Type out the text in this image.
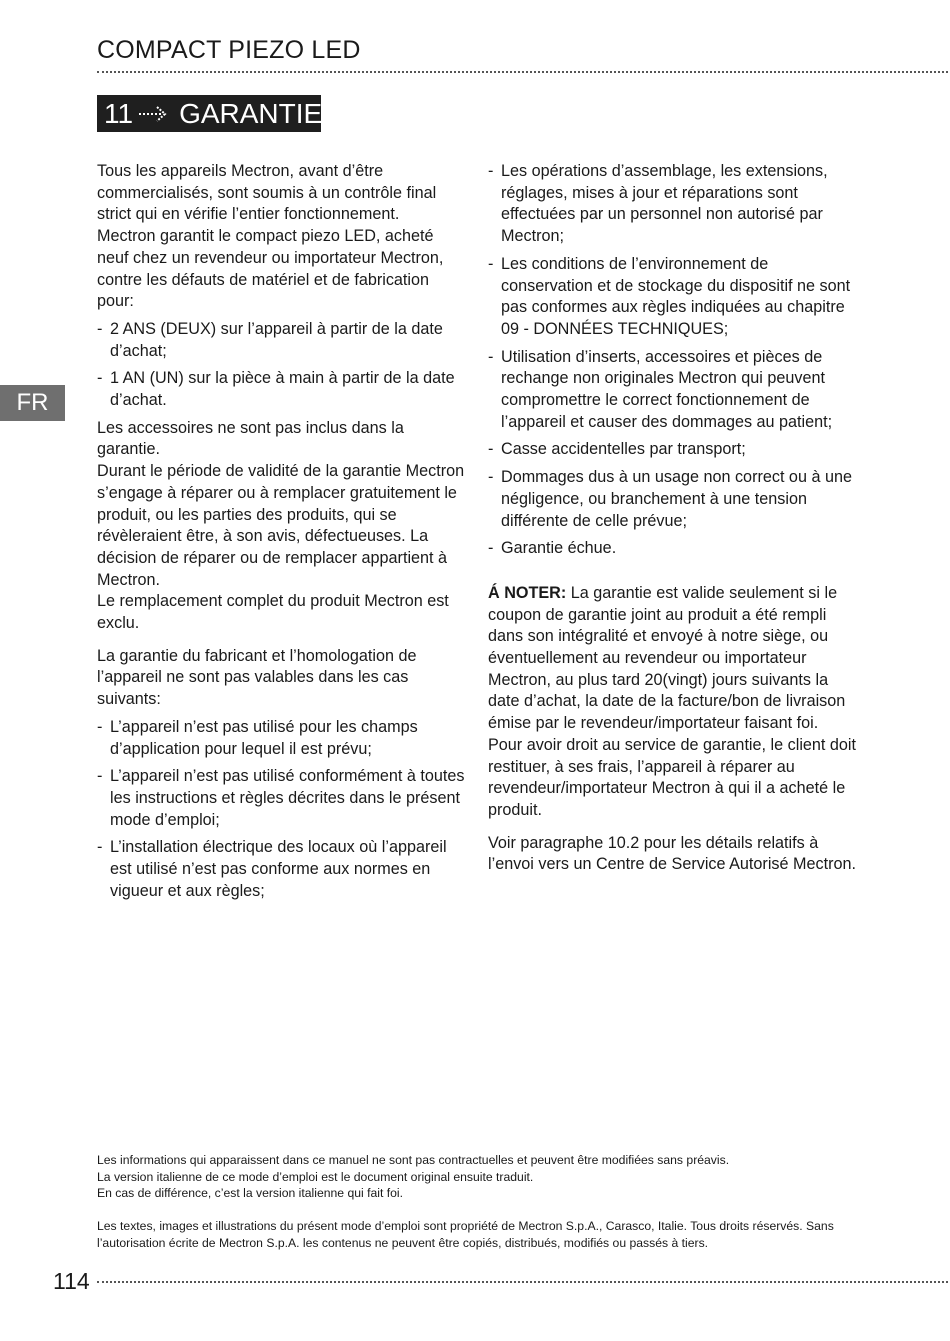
COMPACT PIEZO LED
11 GARANTIE
FR

Tous les appareils Mectron, avant d’être commercialisés, sont soumis à un contrôle final strict qui en vérifie l’entier fonctionnement.

Mectron garantit le compact piezo LED, acheté neuf chez un revendeur ou importateur Mectron, contre les défauts de matériel et de fabrication pour:

- 2 ANS (DEUX) sur l’appareil à partir de la date d’achat;
- 1 AN (UN) sur la pièce à main à partir de la date d’achat.

Les accessoires ne sont pas inclus dans la garantie.

Durant le période de validité de la garantie Mectron s’engage à réparer ou à remplacer gratuitement le produit, ou les parties des produits, qui se révèleraient être, à son avis, défectueuses. La décision de réparer ou de remplacer appartient à Mectron.

Le remplacement complet du produit Mectron est exclu.

La garantie du fabricant et l’homologation de l’appareil ne sont pas valables dans les cas suivants:

- L’appareil n’est pas utilisé pour les champs d’application pour lequel il est prévu;
- L’appareil n’est pas utilisé conformément à toutes les instructions et règles décrites dans le présent mode d’emploi;
- L’installation électrique des locaux où l’appareil est utilisé n’est pas conforme aux normes en vigueur et aux règles;
- Les opérations d’assemblage, les extensions, réglages, mises à jour et réparations sont effectuées par un personnel non autorisé par Mectron;
- Les conditions de l’environnement de conservation et de stockage du dispositif ne sont pas conformes aux règles indiquées au chapitre 09 - DONNÉES TECHNIQUES;
- Utilisation d’inserts, accessoires et pièces de rechange non originales Mectron qui peuvent compromettre le correct fonctionnement de l’appareil et causer des dommages au patient;
- Casse accidentelles par transport;
- Dommages dus à un usage non correct ou à une négligence, ou branchement à une tension différente de celle prévue;
- Garantie échue.

Á NOTER: La garantie est valide seulement si le coupon de garantie joint au produit a été rempli dans son intégralité et envoyé à notre siège, ou éventuellement au revendeur ou importateur Mectron, au plus tard 20(vingt) jours suivants la date d’achat, la date de la facture/bon de livraison émise par le revendeur/importateur faisant foi.

Pour avoir droit au service de garantie, le client doit restituer, à ses frais, l’appareil à réparer au revendeur/importateur Mectron à qui il a acheté le produit.

Voir paragraphe 10.2 pour les détails relatifs à l’envoi vers un Centre de Service Autorisé Mectron.

Les informations qui apparaissent dans ce manuel ne sont pas contractuelles et peuvent être modifiées sans préavis.

La version italienne de ce mode d’emploi est le document original ensuite traduit.

En cas de différence, c’est la version italienne qui fait foi.

Les textes, images et illustrations du présent mode d’emploi sont propriété de Mectron S.p.A., Carasco, Italie. Tous droits réservés. Sans l’autorisation écrite de Mectron S.p.A. les contenus ne peuvent être copiés, distribués, modifiés ou passés à tiers.

114
